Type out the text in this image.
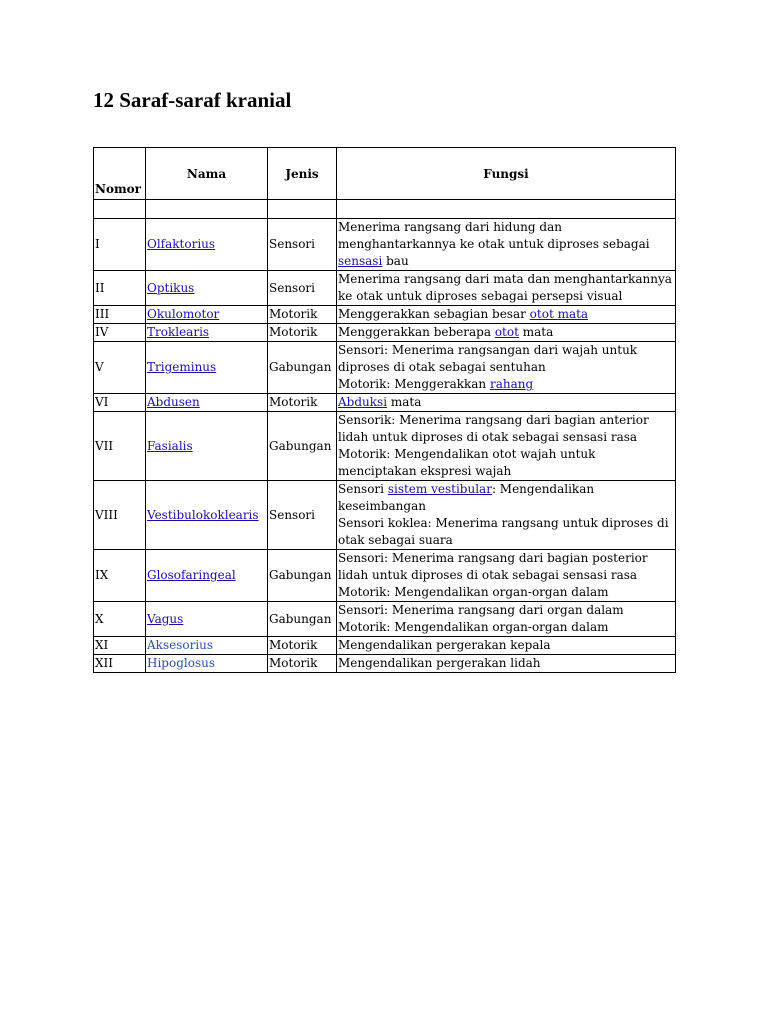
12 Saraf-saraf kranial
Nomor	Nama	Jenis	Fungsi

I	Olfaktorius	Sensori	Menerima rangsang dari hidung dan menghantarkannya ke otak untuk diproses sebagai sensasi bau

II	Optikus	Sensori	Menerima rangsang dari mata dan menghantarkannya ke otak untuk diproses sebagai persepsi visual

III	Okulomotor	Motorik	Menggerakkan sebagian besar otot mata

IV	Troklearis	Motorik	Menggerakkan beberapa otot mata

V	Trigeminus	Gabungan	Sensori: Menerima rangsangan dari wajah untuk diproses di otak sebagai sentuhan
Motorik: Menggerakkan rahang

VI	Abdusen	Motorik	Abduksi mata

VII	Fasialis	Gabungan	Sensorik: Menerima rangsang dari bagian anterior lidah untuk diproses di otak sebagai sensasi rasa
Motorik: Mengendalikan otot wajah untuk menciptakan ekspresi wajah

VIII	Vestibulokoklearis	Sensori	Sensori sistem vestibular: Mengendalikan keseimbangan
Sensori koklea: Menerima rangsang untuk diproses di otak sebagai suara

IX	Glosofaringeal	Gabungan	Sensori: Menerima rangsang dari bagian posterior lidah untuk diproses di otak sebagai sensasi rasa
Motorik: Mengendalikan organ-organ dalam

X	Vagus	Gabungan	Sensori: Menerima rangsang dari organ dalam
Motorik: Mengendalikan organ-organ dalam

XI	Aksesorius	Motorik	Mengendalikan pergerakan kepala

XII	Hipoglosus	Motorik	Mengendalikan pergerakan lidah
